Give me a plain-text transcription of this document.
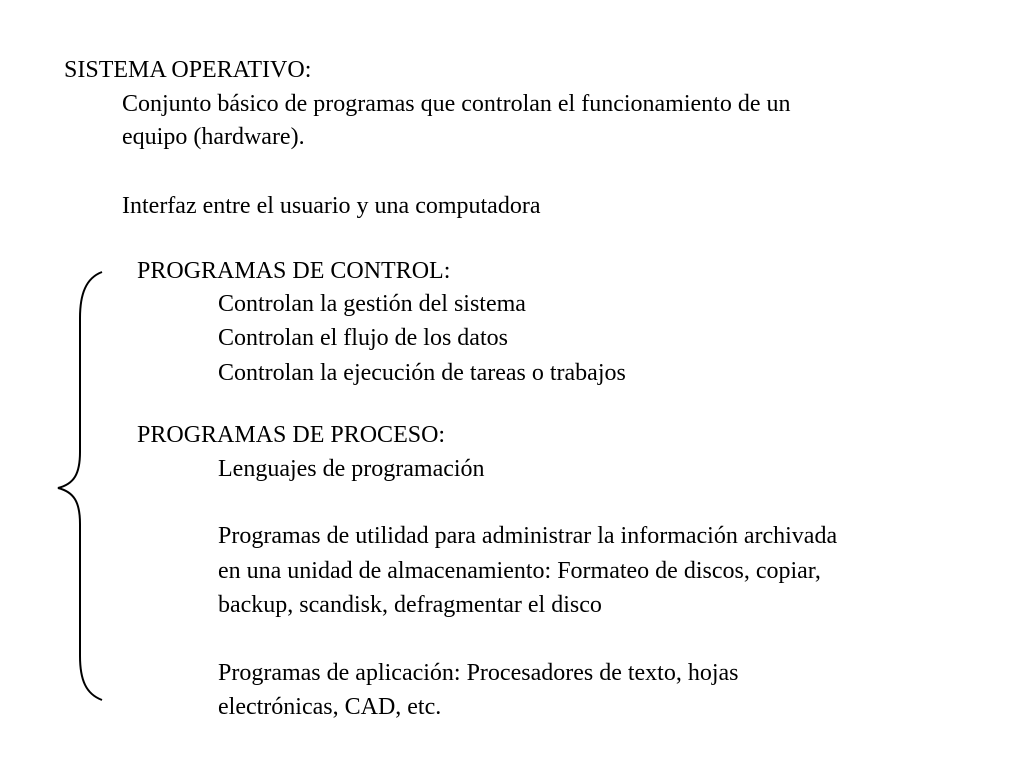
SISTEMA OPERATIVO:

Conjunto básico de programas que controlan el funcionamiento de un

equipo (hardware).

Interfaz entre el usuario y una computadora

PROGRAMAS DE CONTROL:

Controlan la gestión del sistema

Controlan el flujo de los datos

Controlan la ejecución de tareas o trabajos

PROGRAMAS DE PROCESO:

Lenguajes de programación

Programas de utilidad para administrar la información archivada

en una unidad de almacenamiento: Formateo de discos, copiar,

backup, scandisk, defragmentar el disco

Programas de aplicación: Procesadores de texto, hojas

electrónicas, CAD, etc.
